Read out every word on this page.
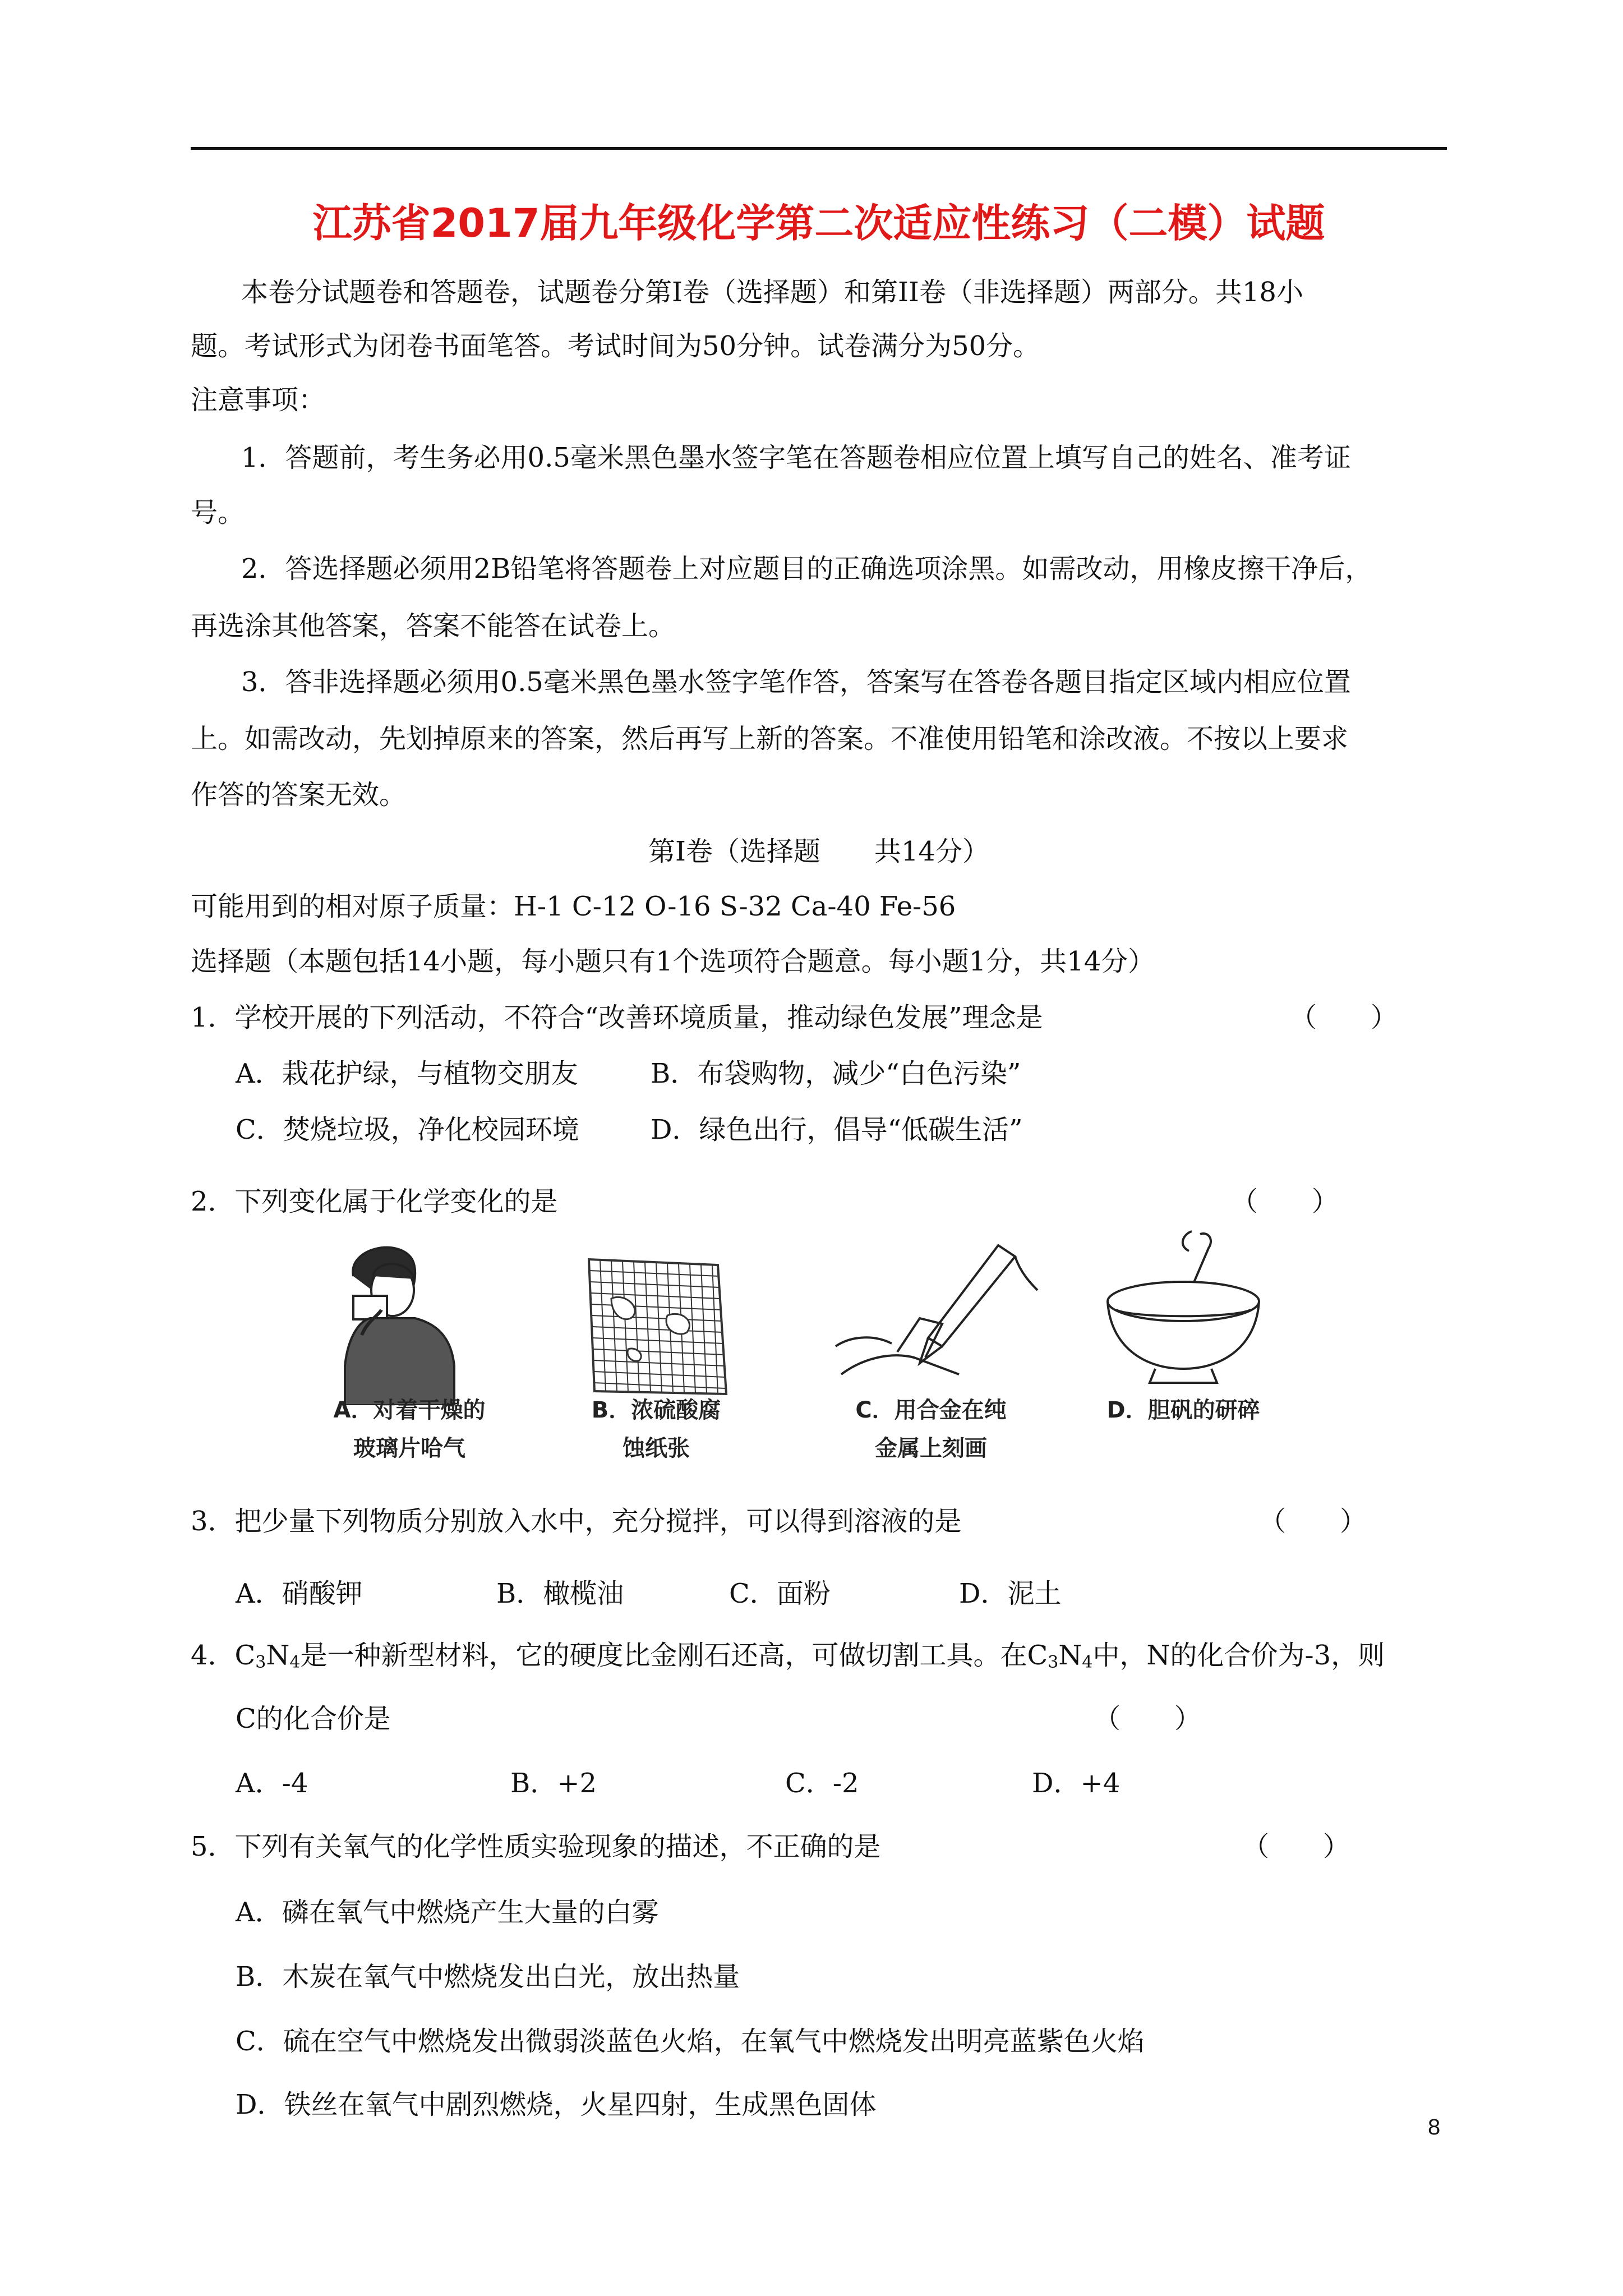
江苏省2017届九年级化学第二次适应性练习（二模）试题
本卷分试题卷和答题卷，试题卷分第Ⅰ卷（选择题）和第II卷（非选择题）两部分。共18小
题。考试形式为闭卷书面笔答。考试时间为50分钟。试卷满分为50分。
注意事项：
1．答题前，考生务必用0.5毫米黑色墨水签字笔在答题卷相应位置上填写自己的姓名、准考证
号。
2．答选择题必须用2B铅笔将答题卷上对应题目的正确选项涂黑。如需改动，用橡皮擦干净后，
再选涂其他答案，答案不能答在试卷上。
3．答非选择题必须用0.5毫米黑色墨水签字笔作答，答案写在答卷各题目指定区域内相应位置
上。如需改动，先划掉原来的答案，然后再写上新的答案。不准使用铅笔和涂改液。不按以上要求
作答的答案无效。
第Ⅰ卷（选择题　　共14分）
可能用到的相对原子质量：H-1 C-12 O-16 S-32 Ca-40 Fe-56
选择题（本题包括14小题，每小题只有1个选项符合题意。每小题1分，共14分）
1．学校开展的下列活动，不符合“改善环境质量，推动绿色发展”理念是	（　　）
A．栽花护绿，与植物交朋友	B．布袋购物，减少“白色污染”
C．焚烧垃圾，净化校园环境	D．绿色出行，倡导“低碳生活”
2．下列变化属于化学变化的是	（　　）
A．对着干燥的
玻璃片哈气
B．浓硫酸腐
蚀纸张
C．用合金在纯
金属上刻画
D．胆矾的研碎
3．把少量下列物质分别放入水中，充分搅拌，可以得到溶液的是	（　　）
A．硝酸钾	B．橄榄油	C．面粉	D．泥土
4．$C_3N_4$是一种新型材料，它的硬度比金刚石还高，可做切割工具。在$C_3N_4$中，N的化合价为-3，则
C的化合价是	（　　）
A．-4	B．+2	C．-2	D．+4
5．下列有关氧气的化学性质实验现象的描述，不正确的是	（　　）
A．磷在氧气中燃烧产生大量的白雾
B．木炭在氧气中燃烧发出白光，放出热量
C．硫在空气中燃烧发出微弱淡蓝色火焰，在氧气中燃烧发出明亮蓝紫色火焰
D．铁丝在氧气中剧烈燃烧，火星四射，生成黑色固体
8
